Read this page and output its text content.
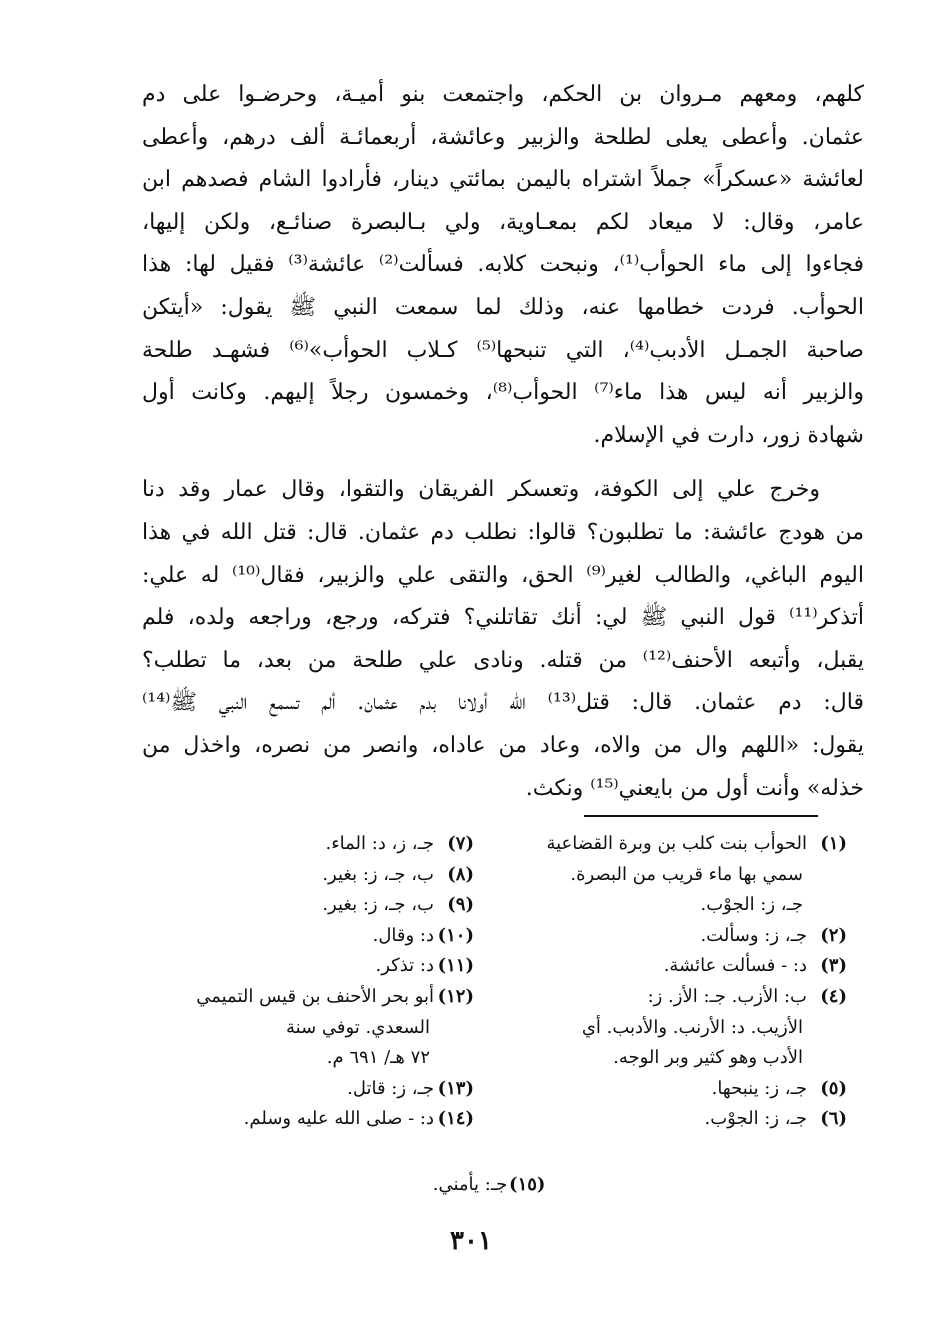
كلهم، ومعهم مـروان بن الحكم، واجتمعت بنو أميـة، وحرضـوا على دم
عثمان. وأعطى يعلى لطلحة والزبير وعائشة، أربعمائـة ألف درهم، وأعطى
لعائشة «عسكراً» جملاً اشتراه باليمن بمائتي دينار، فأرادوا الشام فصدهم ابن
عامر، وقال: لا ميعاد لكم بمعـاوية، ولي بـالبصرة صنائـع، ولكن إليها،
فجاءوا إلى ماء الحوأب⁽¹⁾، ونبحت كلابه. فسألت⁽²⁾ عائشة⁽³⁾ فقيل لها: هذا
الحوأب. فردت خطامها عنه، وذلك لما سمعت النبي ﷺ يقول: «أيتكن
صاحبة الجمـل الأدبب⁽⁴⁾، التي تنبحها⁽⁵⁾ كـلاب الحوأب»⁽⁶⁾ فشهـد طلحة
والزبير أنه ليس هذا ماء⁽⁷⁾ الحوأب⁽⁸⁾، وخمسون رجلاً إليهم. وكانت أول
شهادة زور، دارت في الإسلام.

وخرج علي إلى الكوفة، وتعسكر الفريقان والتقوا، وقال عمار وقد دنا
من هودج عائشة: ما تطلبون؟ قالوا: نطلب دم عثمان. قال: قتل الله في هذا
اليوم الباغي، والطالب لغير⁽⁹⁾ الحق، والتقى علي والزبير، فقال⁽¹⁰⁾ له علي:
أتذكر⁽¹¹⁾ قول النبي ﷺ لي: أنك تقاتلني؟ فتركه، ورجع، وراجعه ولده، فلم
يقبل، وأتبعه الأحنف⁽¹²⁾ من قتله. ونادى علي طلحة من بعد، ما تطلب؟
قال: دم عثمان. قال: قتل⁽¹³⁾ الله أولانا بدم عثمان. ألم تسمع النبي ﷺ⁽¹⁴⁾
يقول: «اللهم وال من والاه، وعاد من عاداه، وانصر من نصره، واخذل من
خذله» وأنت أول من بايعني⁽¹⁵⁾ ونكث.

(١)الحوأب بنت كلب بن وبرة القضاعية
سمي بها ماء قريب من البصرة.
جـ، ز: الجوْب.
(٢)جـ، ز: وسألت.
(٣)د: - فسألت عائشة.
(٤)ب: الأزب. جـ: الأز. ز:
الأزيب. د: الأرنب. والأدبب. أي
الأدب وهو كثير وبر الوجه.
(٥)جـ، ز: ينبحها.
(٦)جـ، ز: الجوْب.
(٧)جـ، ز، د: الماء.
(٨)ب، جـ، ز: بغير.
(٩)ب، جـ، ز: بغير.
(١٠)د: وقال.
(١١)د: تذكر.
(١٢)أبو بحر الأحنف بن قيس التميمي
السعدي. توفي سنة
٧٢ هـ/ ٦٩١ م.
(١٣)جـ، ز: قاتل.
(١٤)د: - صلى الله عليه وسلم.
(١٥)جـ: يأمني.
٣٠١
